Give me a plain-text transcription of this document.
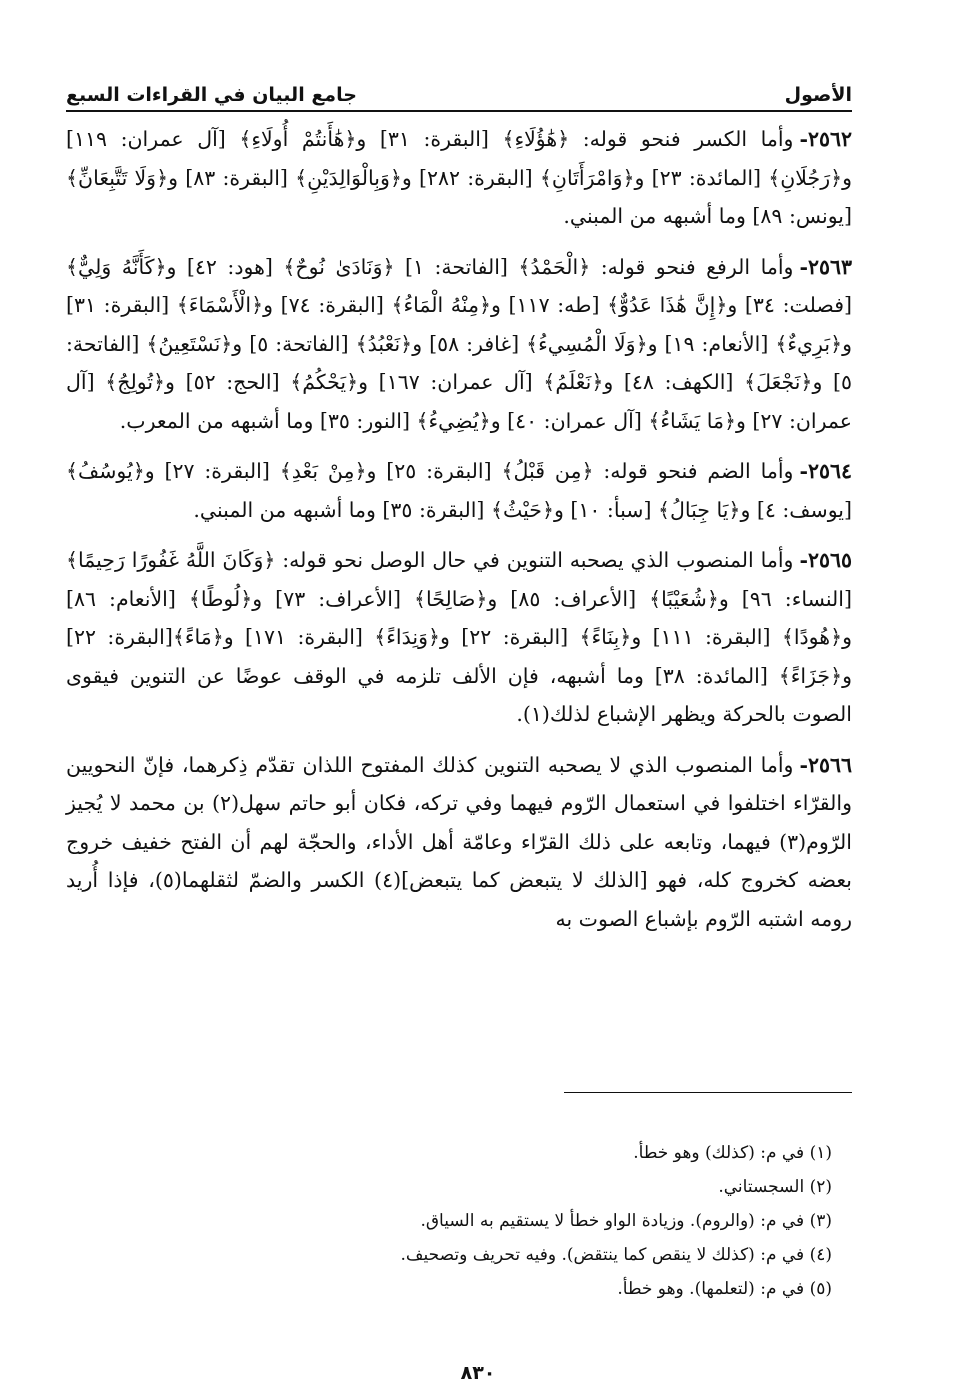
الأصول
جامع البيان في القراءات السبع

٢٥٦٢-وأما الكسر فنحو قوله: ﴿هَٰؤُلَاءِ﴾ [البقرة: ٣١] و﴿هَٰأَنتُمْ أُولَاءِ﴾ [آل عمران: ١١٩] و﴿رَجُلَانِ﴾ [المائدة: ٢٣] و﴿وَامْرَأَتَانِ﴾ [البقرة: ٢٨٢] و﴿وَبِالْوَالِدَيْنِ﴾ [البقرة: ٨٣] و﴿وَلَا تَتَّبِعَانِّ﴾ [يونس: ٨٩] وما أشبهه من المبني.

٢٥٦٣-وأما الرفع فنحو قوله: ﴿الْحَمْدُ﴾ [الفاتحة: ١] ﴿وَنَادَىٰ نُوحٌ﴾ [هود: ٤٢] و﴿كَأَنَّهُ وَلِيٌّ﴾ [فصلت: ٣٤] و﴿إِنَّ هَٰذَا عَدُوٌّ﴾ [طه: ١١٧] و﴿مِنْهُ الْمَاءُ﴾ [البقرة: ٧٤] و﴿الْأَسْمَاءَ﴾ [البقرة: ٣١] و﴿بَرِيءٌ﴾ [الأنعام: ١٩] و﴿وَلَا الْمُسِيءُ﴾ [غافر: ٥٨] و﴿نَعْبُدُ﴾ [الفاتحة: ٥] و﴿نَسْتَعِينُ﴾ [الفاتحة: ٥] و﴿نَجْعَلَ﴾ [الكهف: ٤٨] و﴿نَعْلَمُ﴾ [آل عمران: ١٦٧] و﴿يَحْكُمُ﴾ [الحج: ٥٢] و﴿تُولِجُ﴾ [آل عمران: ٢٧] و﴿مَا يَشَاءُ﴾ [آل عمران: ٤٠] و﴿يُضِيءُ﴾ [النور: ٣٥] وما أشبهه من المعرب.

٢٥٦٤-وأما الضم فنحو قوله: ﴿مِن قَبْلُ﴾ [البقرة: ٢٥] و﴿مِنْ بَعْدِ﴾ [البقرة: ٢٧] و﴿يُوسُفُ﴾ [يوسف: ٤] و﴿يَا جِبَالُ﴾ [سبأ: ١٠] و﴿حَيْثُ﴾ [البقرة: ٣٥] وما أشبهه من المبني.

٢٥٦٥-وأما المنصوب الذي يصحبه التنوين في حال الوصل نحو قوله: ﴿وَكَانَ اللَّهُ غَفُورًا رَحِيمًا﴾ [النساء: ٩٦] و﴿شُعَيْبًا﴾ [الأعراف: ٨٥] و﴿صَالِحًا﴾ [الأعراف: ٧٣] و﴿لُوطًا﴾ [الأنعام: ٨٦] و﴿هُودًا﴾ [البقرة: ١١١] و﴿بِنَاءً﴾ [البقرة: ٢٢] و﴿وَنِدَاءً﴾ [البقرة: ١٧١] و﴿مَاءً﴾[البقرة: ٢٢] و﴿جَزَاءً﴾ [المائدة: ٣٨] وما أشبهه، فإن الألف تلزمه في الوقف عوضًا عن التنوين فيقوى الصوت بالحركة ويظهر الإشباع لذلك(١).

٢٥٦٦-وأما المنصوب الذي لا يصحبه التنوين كذلك المفتوح اللذان تقدّم ذِكرهما، فإنّ النحويين والقرّاء اختلفوا في استعمال الرّوم فيهما وفي تركه، فكان أبو حاتم سهل(٢) بن محمد لا يُجيز الرّوم(٣) فيهما، وتابعه على ذلك القرّاء وعامّة أهل الأداء، والحجّة لهم أن الفتح خفيف خروج بعضه كخروج كله، فهو [الذلك لا يتبعض كما يتبعض](٤) الكسر والضمّ لثقلهما(٥)، فإذا أُريد رومه اشتبه الرّوم بإشباع الصوت به

(١) في م: (كذلك) وهو خطأ.

(٢) السجستاني.

(٣) في م: (والروم). وزيادة الواو خطأ لا يستقيم به السياق.

(٤) في م: (كذلك لا ينقص كما ينتقض). وفيه تحريف وتصحيف.

(٥) في م: (لتعلمها). وهو خطأ.

٨٣٠
